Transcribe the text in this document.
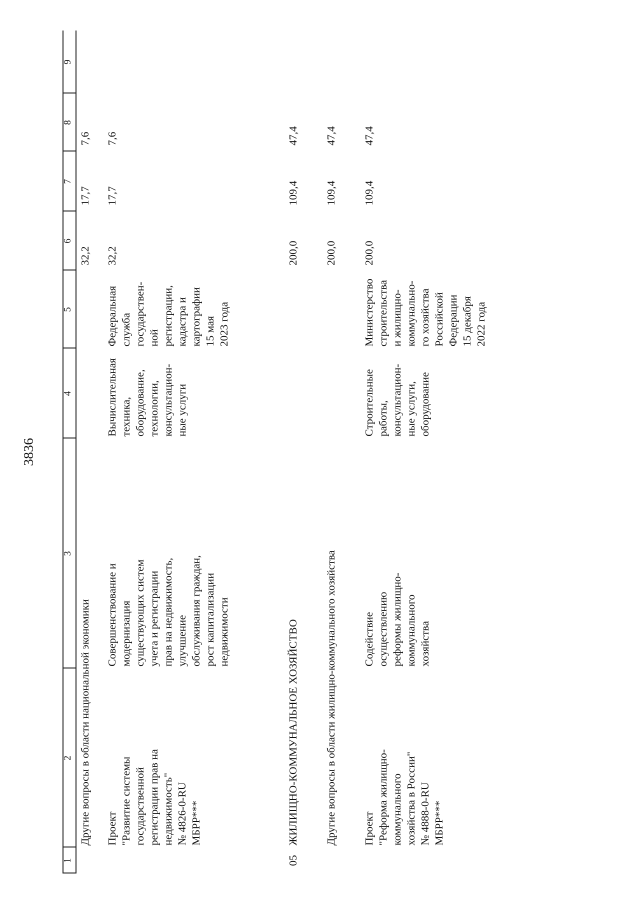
3836
1
2
3
4
5
6
7
8
9
Другие вопросы в области национальной экономики
32,2
17,7
7,6
Проект
"Развитие системы
государственной
регистрации прав на
недвижимость"
№ 4826-0-RU
МБРР***
Совершенствование и
модернизация
существующих систем
учета и регистрации
прав на недвижимость,
улучшение
обслуживания граждан,
рост капитализации
недвижимости
Вычислительная
техника,
оборудование,
технологии,
консультацион-
ные услуги
Федеральная
служба
государствен-
ной
регистрации,
кадастра и
картографии
15 мая
2023 года
32,2
17,7
7,6
05
ЖИЛИЩНО-КОММУНАЛЬНОЕ ХОЗЯЙСТВО
200,0
109,4
47,4
Другие вопросы в области жилищно-коммунального хозяйства
200,0
109,4
47,4
Проект
"Реформа жилищно-
коммунального
хозяйства в России"
№ 4888-0-RU
МБРР***
Содействие
осуществлению
реформы жилищно-
коммунального
хозяйства
Строительные
работы,
консультацион-
ные услуги,
оборудование
Министерство
строительства
и жилищно-
коммунально-
го хозяйства
Российской
Федерации
15 декабря
2022 года
200,0
109,4
47,4
